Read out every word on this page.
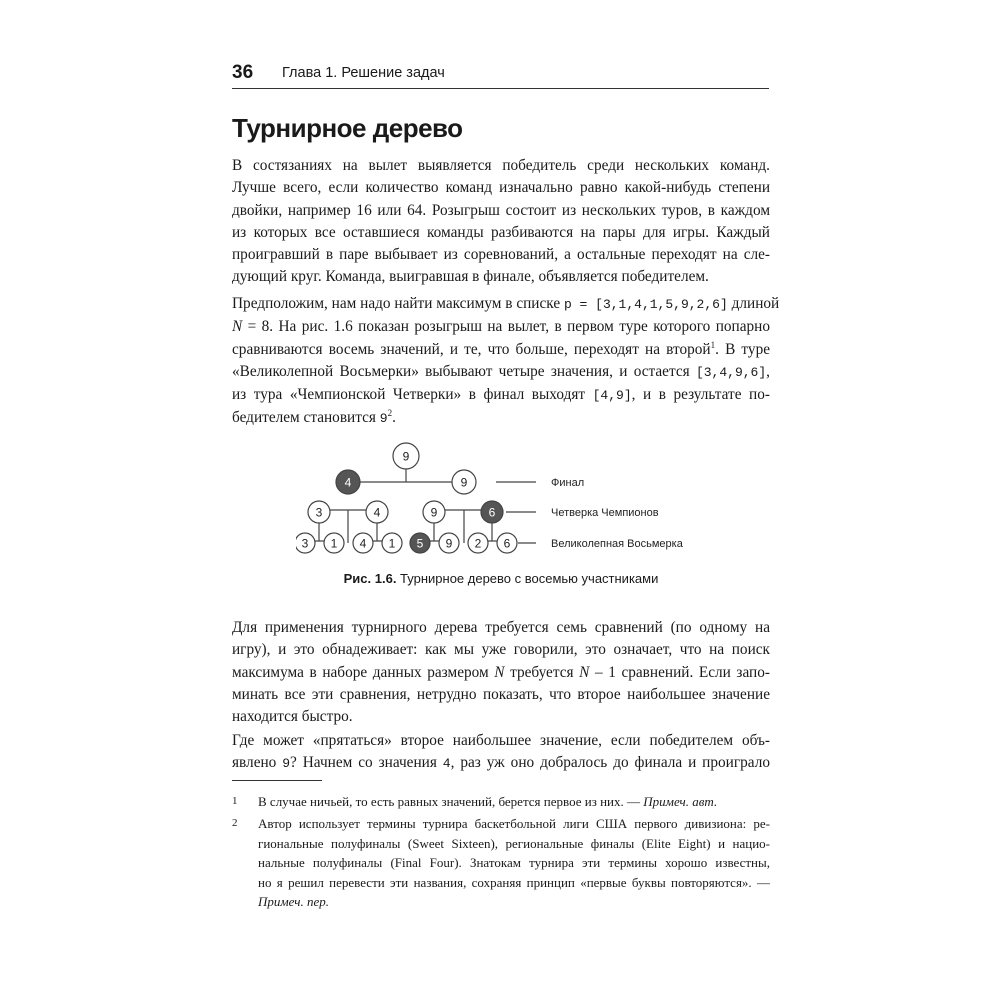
36 Глава 1. Решение задач
Турнирное дерево
В состязаниях на вылет выявляется победитель среди нескольких команд.
Лучше всего, если количество команд изначально равно какой-нибудь степени
двойки, например 16 или 64. Розыгрыш состоит из нескольких туров, в каждом
из которых все оставшиеся команды разбиваются на пары для игры. Каждый
проигравший в паре выбывает из соревнований, а остальные переходят на сле-
дующий круг. Команда, выигравшая в финале, объявляется победителем.
Предположим, нам надо найти максимум в списке p = [3,1,4,1,5,9,2,6] длиной
N = 8. На рис. 1.6 показан розыгрыш на вылет, в первом туре которого попарно
сравниваются восемь значений, и те, что больше, переходят на второй$^1$. В туре
«Великолепной Восьмерки» выбывают четыре значения, и остается [3,4,9,6],
из тура «Чемпионской Четверки» в финал выходят [4,9], и в результате по-
бедителем становится $9^2$.
9
4	9
3	4	9	6
3 1 4 1 5 9 2 6
Финал
Четверка Чемпионов
Великолепная Восьмерка
Рис. 1.6. Турнирное дерево с восемью участниками
Для применения турнирного дерева требуется семь сравнений (по одному на
игру), и это обнадеживает: как мы уже говорили, это означает, что на поиск
максимума в наборе данных размером N требуется N – 1 сравнений. Если запо-
минать все эти сравнения, нетрудно показать, что второе наибольшее значение
находится быстро.
Где может «прятаться» второе наибольшее значение, если победителем объ-
явлено 9? Начнем со значения 4, раз уж оно добралось до финала и проиграло
1 В случае ничьей, то есть равных значений, берется первое из них. — Примеч. авт.
2 Автор использует термины турнира баскетбольной лиги США первого дивизиона: ре-
гиональные полуфиналы (Sweet Sixteen), региональные финалы (Elite Eight) и нацио-
нальные полуфиналы (Final Four). Знатокам турнира эти термины хорошо известны,
но я решил перевести эти названия, сохраняя принцип «первые буквы повторяются». —
Примеч. пер.
